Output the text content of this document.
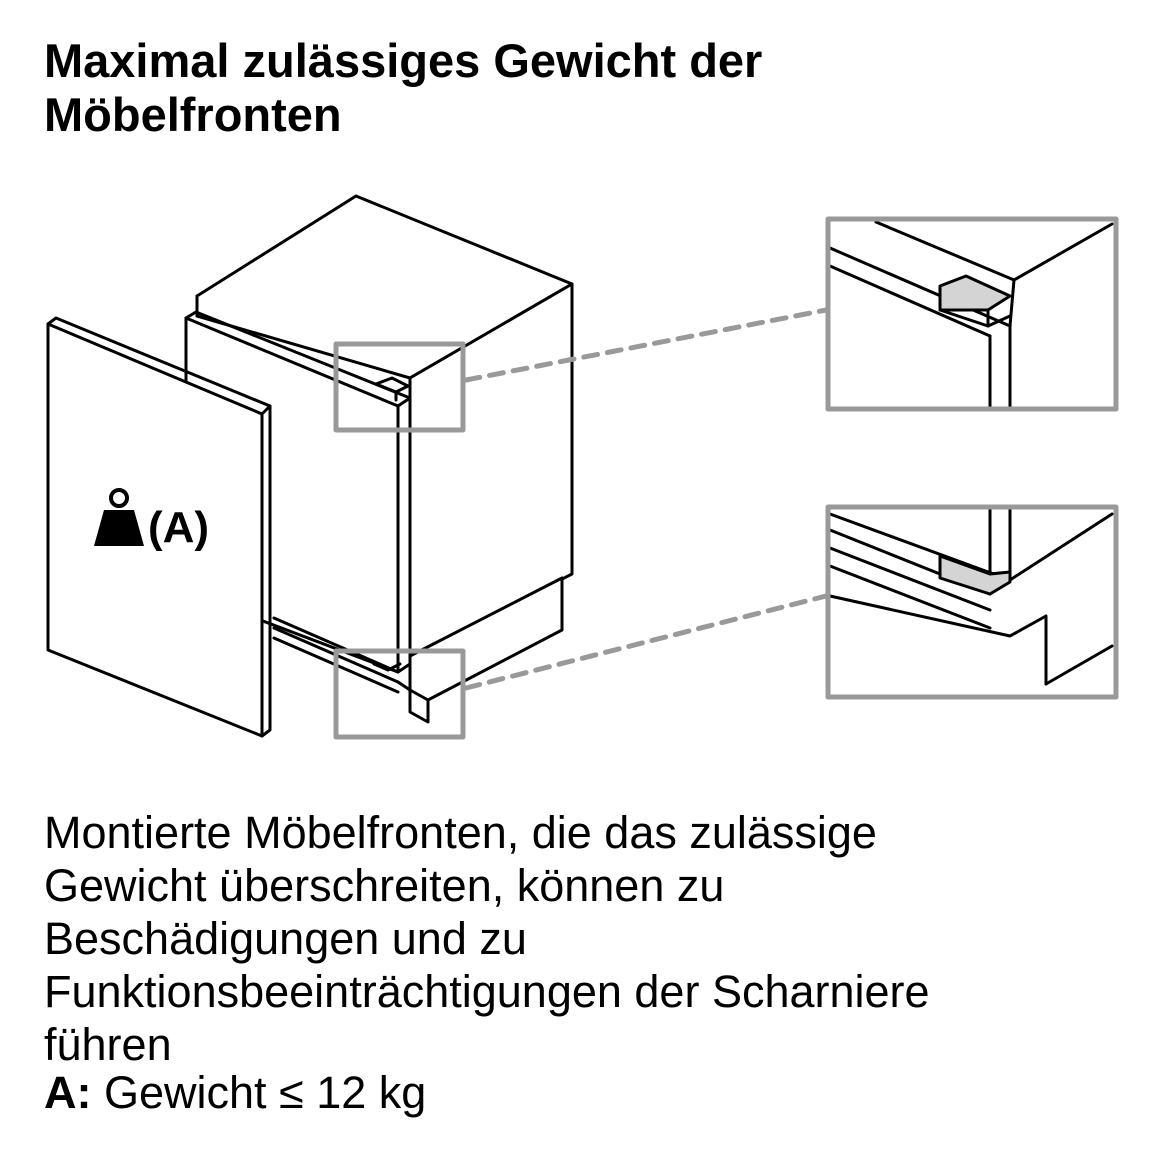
Maximal zulässiges Gewicht der
Möbelfronten
(A)
Montierte Möbelfronten, die das zulässige
Gewicht überschreiten, können zu
Beschädigungen und zu
Funktionsbeeinträchtigungen der Scharniere
führen
A: Gewicht ≤ 12 kg
